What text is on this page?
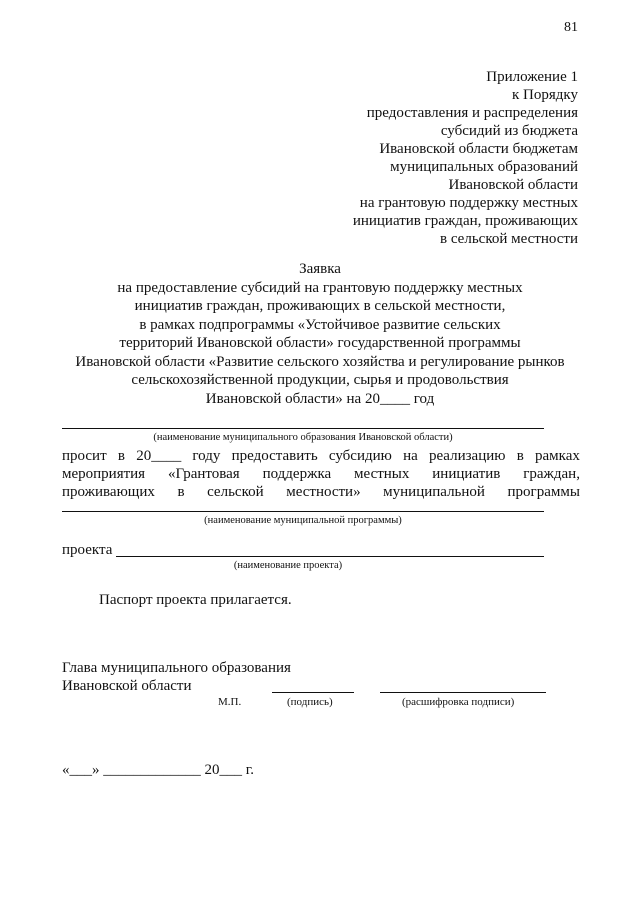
81
Приложение 1
к Порядку
предоставления и распределения
субсидий из бюджета
Ивановской области бюджетам
муниципальных образований
Ивановской области
на грантовую поддержку местных
инициатив граждан, проживающих
в сельской местности
Заявка
на предоставление субсидий на грантовую поддержку местных
инициатив граждан, проживающих в сельской местности,
в рамках подпрограммы «Устойчивое развитие сельских
территорий Ивановской области» государственной программы
Ивановской области «Развитие сельского хозяйства и регулирование рынков
сельскохозяйственной продукции, сырья и продовольствия
Ивановской области» на 20____ год
(наименование муниципального образования Ивановской области)
просит в 20____ году предоставить субсидию на реализацию в рамках
мероприятия «Грантовая поддержка местных инициатив граждан,
проживающих в сельской местности» муниципальной программы
(наименование муниципальной программы)
проекта
(наименование проекта)
Паспорт проекта прилагается.
Глава муниципального образования
Ивановской области
М.П.	(подпись)	(расшифровка подписи)
«___» _____________ 20___ г.
